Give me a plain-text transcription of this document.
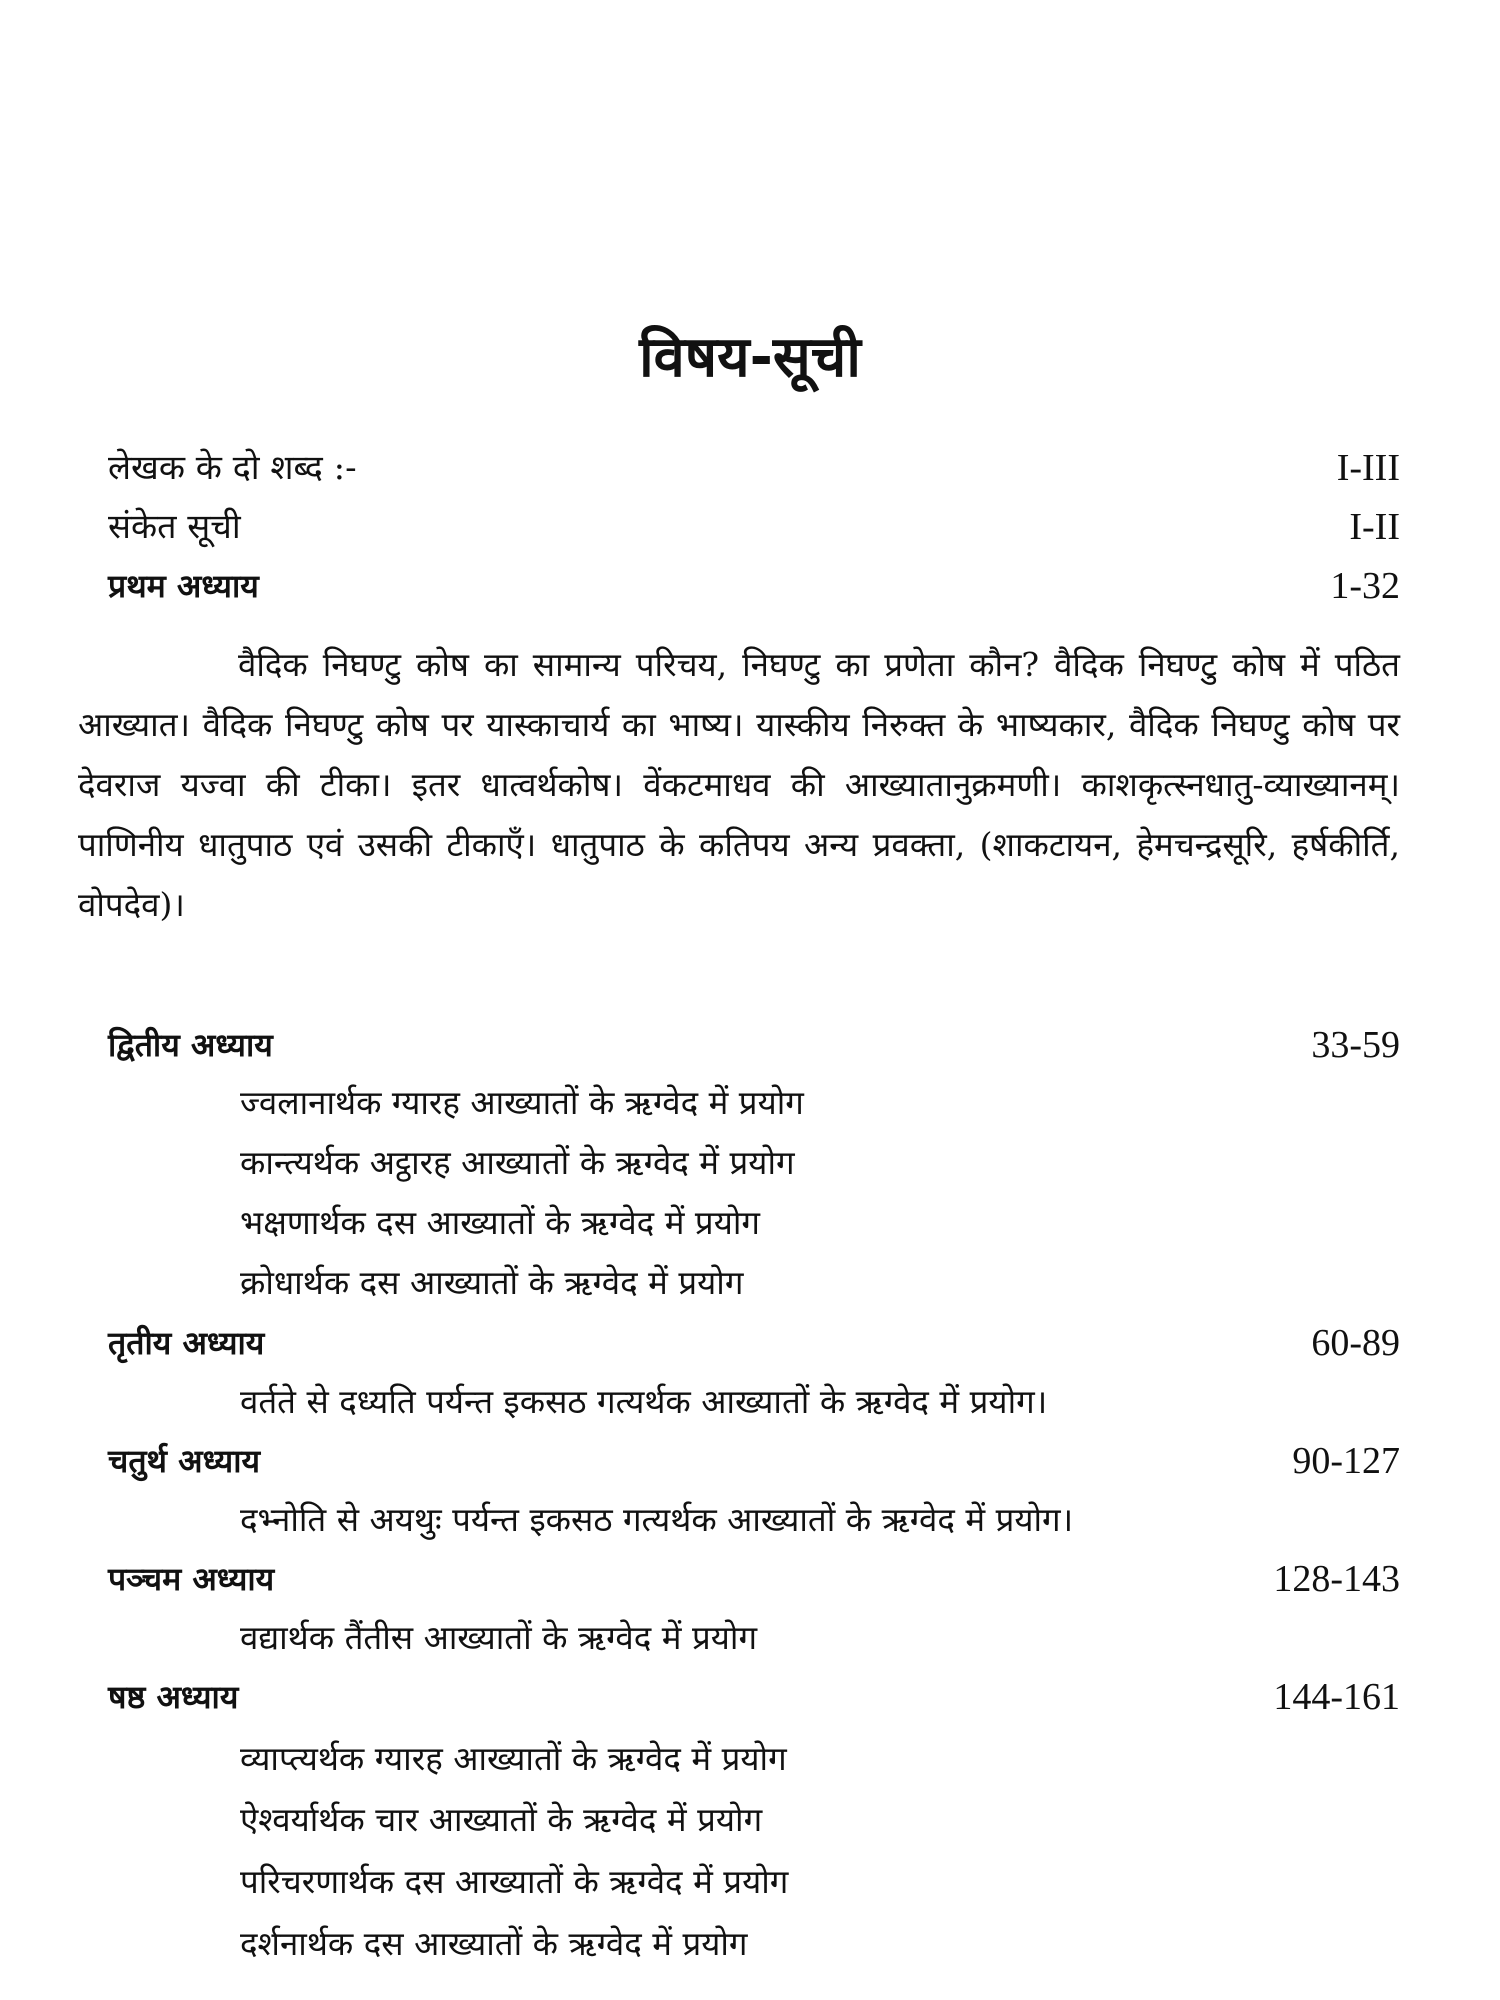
विषय-सूची
लेखक के दो शब्द :-	I-III
संकेत सूची	I-II
प्रथम अध्याय	1-32

वैदिक निघण्टु कोष का सामान्य परिचय, निघण्टु का प्रणेता कौन? वैदिक निघण्टु कोष में पठित आख्यात। वैदिक निघण्टु कोष पर यास्काचार्य का भाष्य। यास्कीय निरुक्त के भाष्यकार, वैदिक निघण्टु कोष पर देवराज यज्वा की टीका। इतर धात्वर्थकोष। वेंकटमाधव की आख्यातानुक्रमणी। काशकृत्स्नधातु-व्याख्यानम्। पाणिनीय धातुपाठ एवं उसकी टीकाएँ। धातुपाठ के कतिपय अन्य प्रवक्ता, (शाकटायन, हेमचन्द्रसूरि, हर्षकीर्ति, वोपदेव)।

द्वितीय अध्याय	33-59
ज्वलानार्थक ग्यारह आख्यातों के ऋग्वेद में प्रयोग
कान्त्यर्थक अट्ठारह आख्यातों के ऋग्वेद में प्रयोग
भक्षणार्थक दस आख्यातों के ऋग्वेद में प्रयोग
क्रोधार्थक दस आख्यातों के ऋग्वेद में प्रयोग
तृतीय अध्याय	60-89
वर्तते से दध्यति पर्यन्त इकसठ गत्यर्थक आख्यातों के ऋग्वेद में प्रयोग।
चतुर्थ अध्याय	90-127
दभ्नोति से अयथुः पर्यन्त इकसठ गत्यर्थक आख्यातों के ऋग्वेद में प्रयोग।
पञ्चम अध्याय	128-143
वद्यार्थक तैंतीस आख्यातों के ऋग्वेद में प्रयोग
षष्ठ अध्याय	144-161
व्याप्त्यर्थक ग्यारह आख्यातों के ऋग्वेद में प्रयोग
ऐश्वर्यार्थक चार आख्यातों के ऋग्वेद में प्रयोग
परिचरणार्थक दस आख्यातों के ऋग्वेद में प्रयोग
दर्शनार्थक दस आख्यातों के ऋग्वेद में प्रयोग
